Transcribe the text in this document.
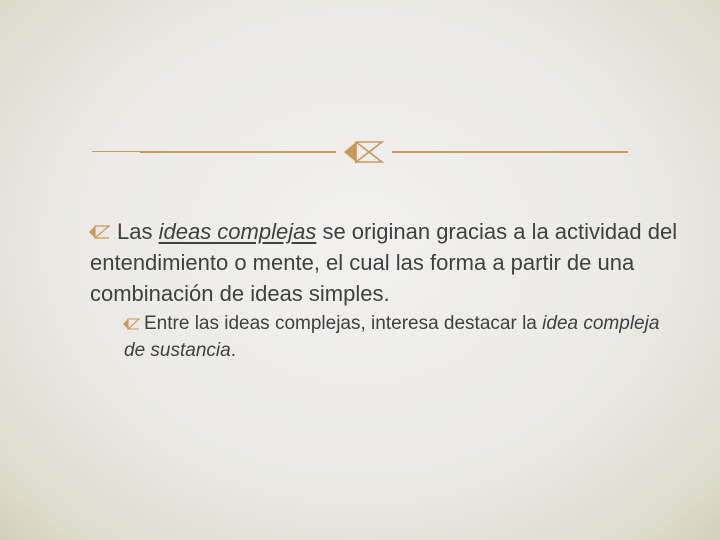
Las ideas complejas se originan gracias a la actividad del entendimiento o mente, el cual las forma a partir de una combinación de ideas simples.
Entre las ideas complejas, interesa destacar la idea compleja de sustancia.
